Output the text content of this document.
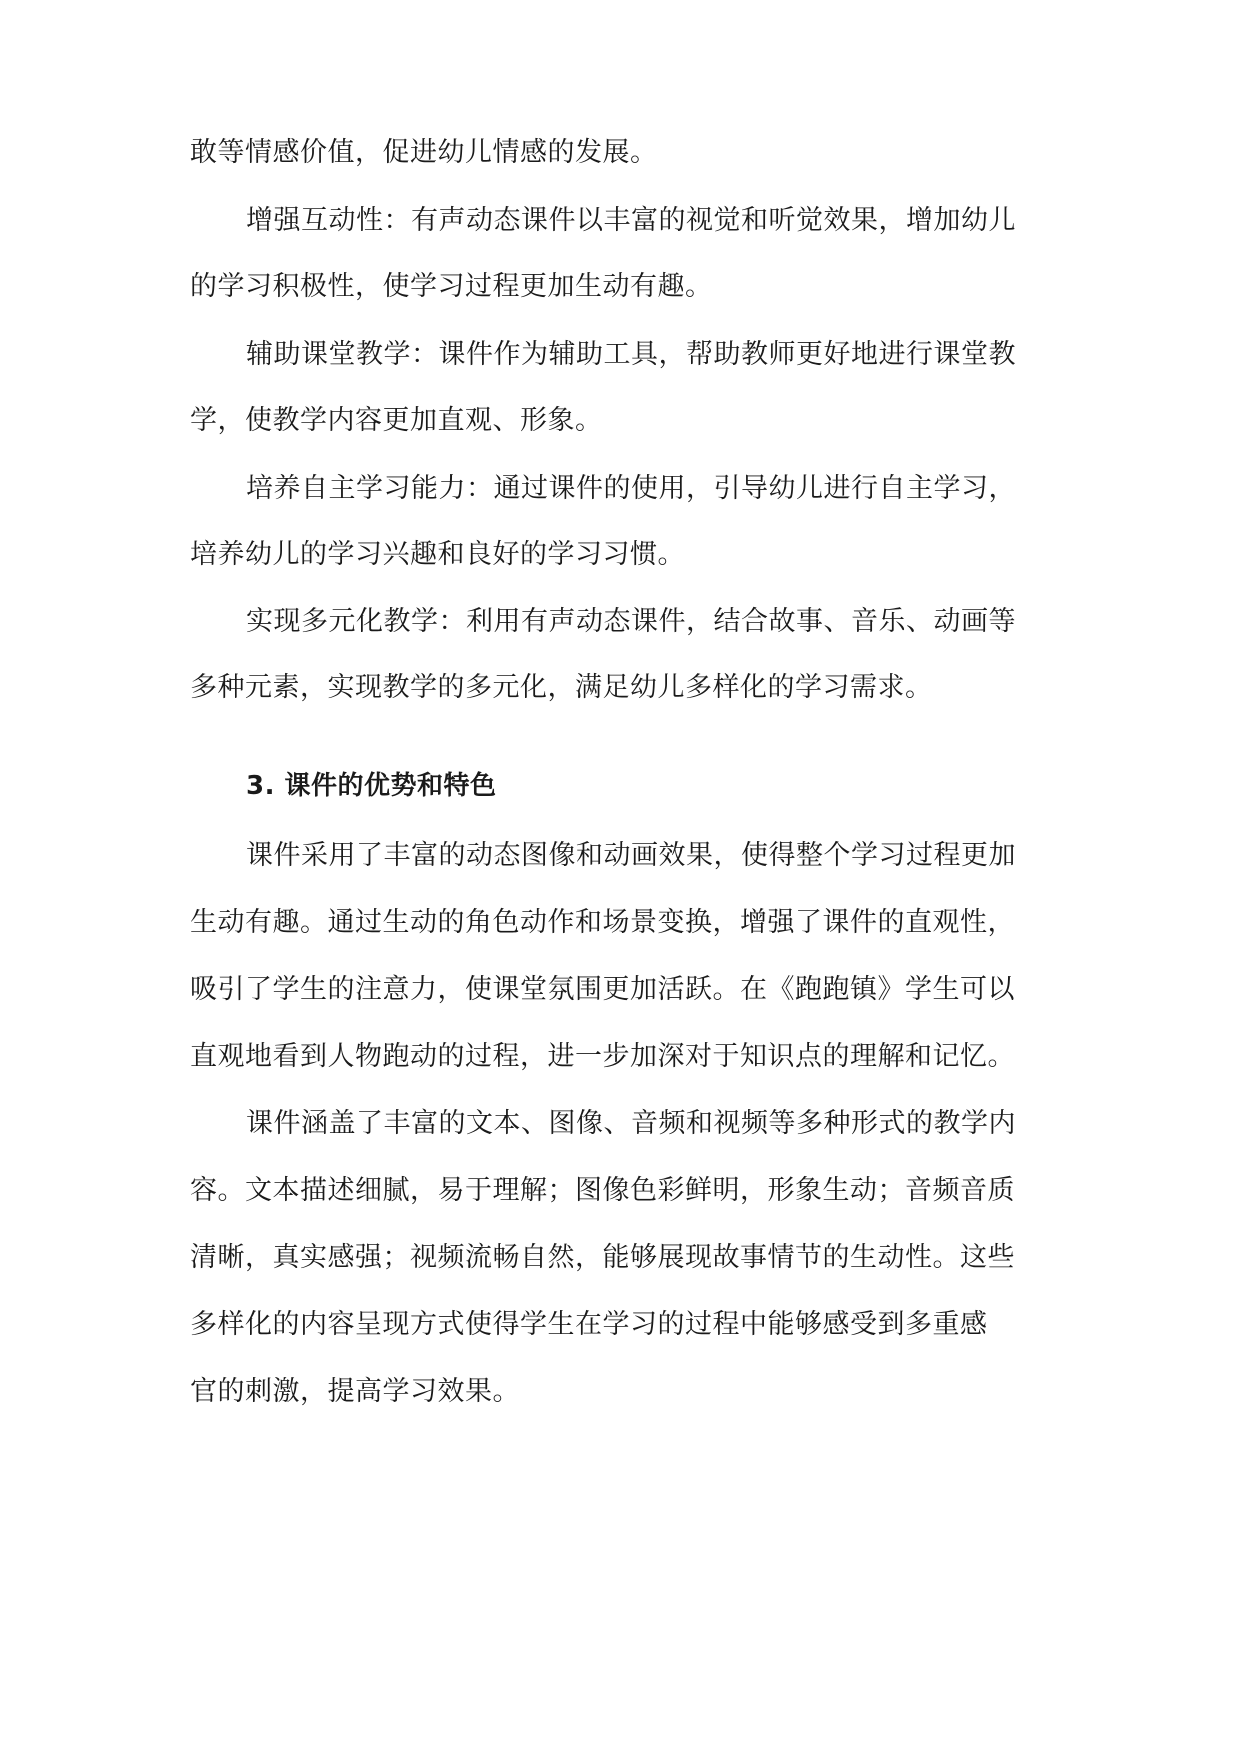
敢等情感价值，促进幼儿情感的发展。
增强互动性：有声动态课件以丰富的视觉和听觉效果，增加幼儿
的学习积极性，使学习过程更加生动有趣。
辅助课堂教学：课件作为辅助工具，帮助教师更好地进行课堂教
学，使教学内容更加直观、形象。
培养自主学习能力：通过课件的使用，引导幼儿进行自主学习，
培养幼儿的学习兴趣和良好的学习习惯。
实现多元化教学：利用有声动态课件，结合故事、音乐、动画等
多种元素，实现教学的多元化，满足幼儿多样化的学习需求。
3. 课件的优势和特色
课件采用了丰富的动态图像和动画效果，使得整个学习过程更加
生动有趣。通过生动的角色动作和场景变换，增强了课件的直观性，
吸引了学生的注意力，使课堂氛围更加活跃。在《跑跑镇》学生可以
直观地看到人物跑动的过程，进一步加深对于知识点的理解和记忆。
课件涵盖了丰富的文本、图像、音频和视频等多种形式的教学内
容。文本描述细腻，易于理解；图像色彩鲜明，形象生动；音频音质
清晰，真实感强；视频流畅自然，能够展现故事情节的生动性。这些
多样化的内容呈现方式使得学生在学习的过程中能够感受到多重感
官的刺激，提高学习效果。
